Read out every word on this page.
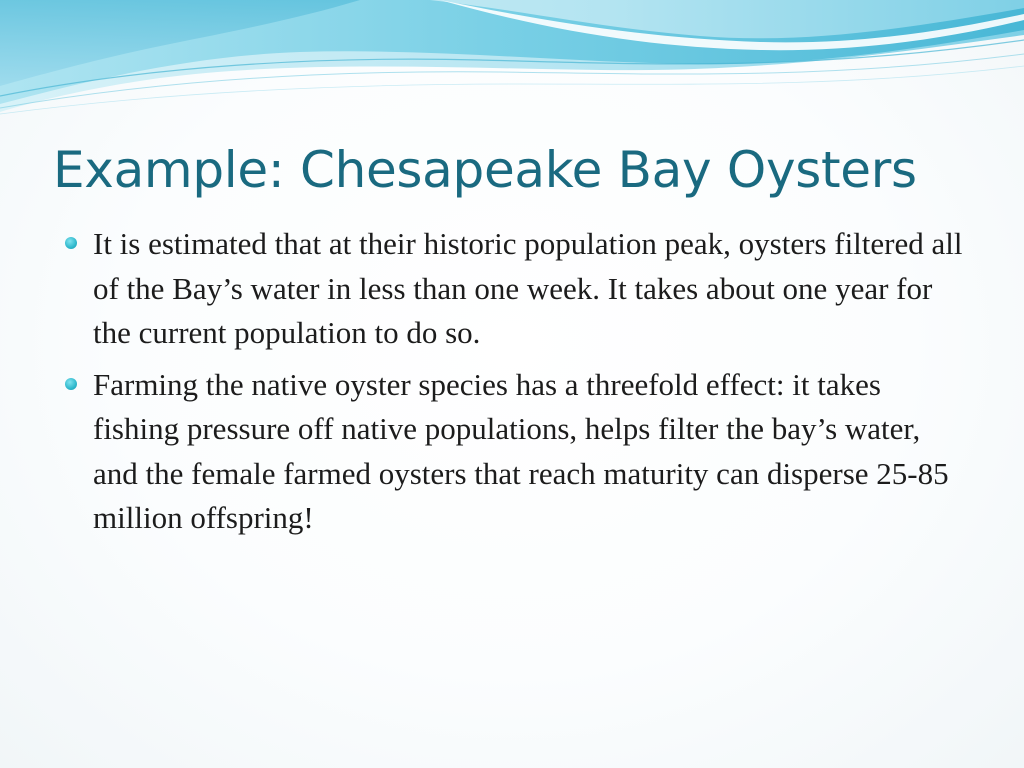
Example: Chesapeake Bay Oysters
It is estimated that at their historic population peak, oysters filtered all of the Bay’s water in less than one week. It takes about one year for the current population to do so.
Farming the native oyster species has a threefold effect: it takes fishing pressure off native populations, helps filter the bay’s water, and the female farmed oysters that reach maturity can disperse 25-85 million offspring!
